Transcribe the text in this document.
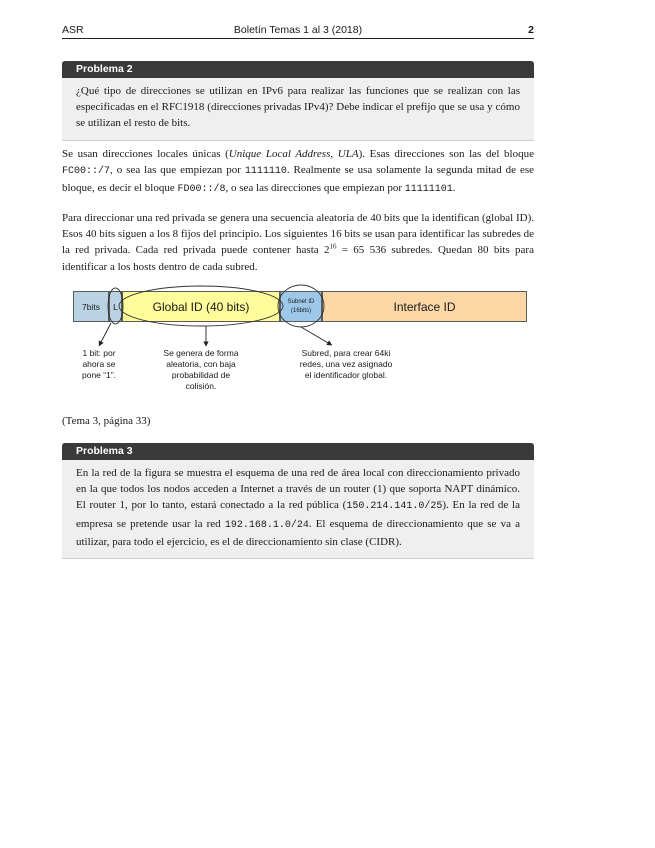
ASR	Boletín Temas 1 al 3 (2018)	2
Problema 2
¿Qué tipo de direcciones se utilizan en IPv6 para realizar las funciones que se realizan con las especificadas en el RFC1918 (direcciones privadas IPv4)? Debe indicar el prefijo que se usa y cómo se utilizan el resto de bits.

Se usan direcciones locales únicas (Unique Local Address, ULA). Esas direcciones son las del bloque FC00::/7, o sea las que empiezan por 1111110. Realmente se usa solamente la segunda mitad de ese bloque, es decir el bloque FD00::/8, o sea las direcciones que empiezan por 11111101.

Para direccionar una red privada se genera una secuencia aleatoria de 40 bits que la identifican (global ID). Esos 40 bits siguen a los 8 fijos del principio. Los siguientes 16 bits se usan para identificar las subredes de la red privada. Cada red privada puede contener hasta $2^{16} = 65$ 536 subredes. Quedan 80 bits para identificar a los hosts dentro de cada subred.

7bits	L	Global ID (40 bits)	Subnet ID
(16bits)	Interface ID
1 bit: por
ahora se
pone “1”.
Se genera de forma
aleatoria, con baja
probabilidad de
colisión.
Subred, para crear 64ki
redes, una vez asignado
el identificador global.
(Tema 3, página 33)
Problema 3
En la red de la figura se muestra el esquema de una red de área local con direccionamiento privado en la que todos los nodos acceden a Internet a través de un router (1) que soporta NAPT dinámico. El router 1, por lo tanto, estará conectado a la red pública (150.214.141.0/25). En la red de la empresa se pretende usar la red 192.168.1.0/24. El esquema de direccionamiento que se va a utilizar, para todo el ejercicio, es el de direccionamiento sin clase (CIDR).
